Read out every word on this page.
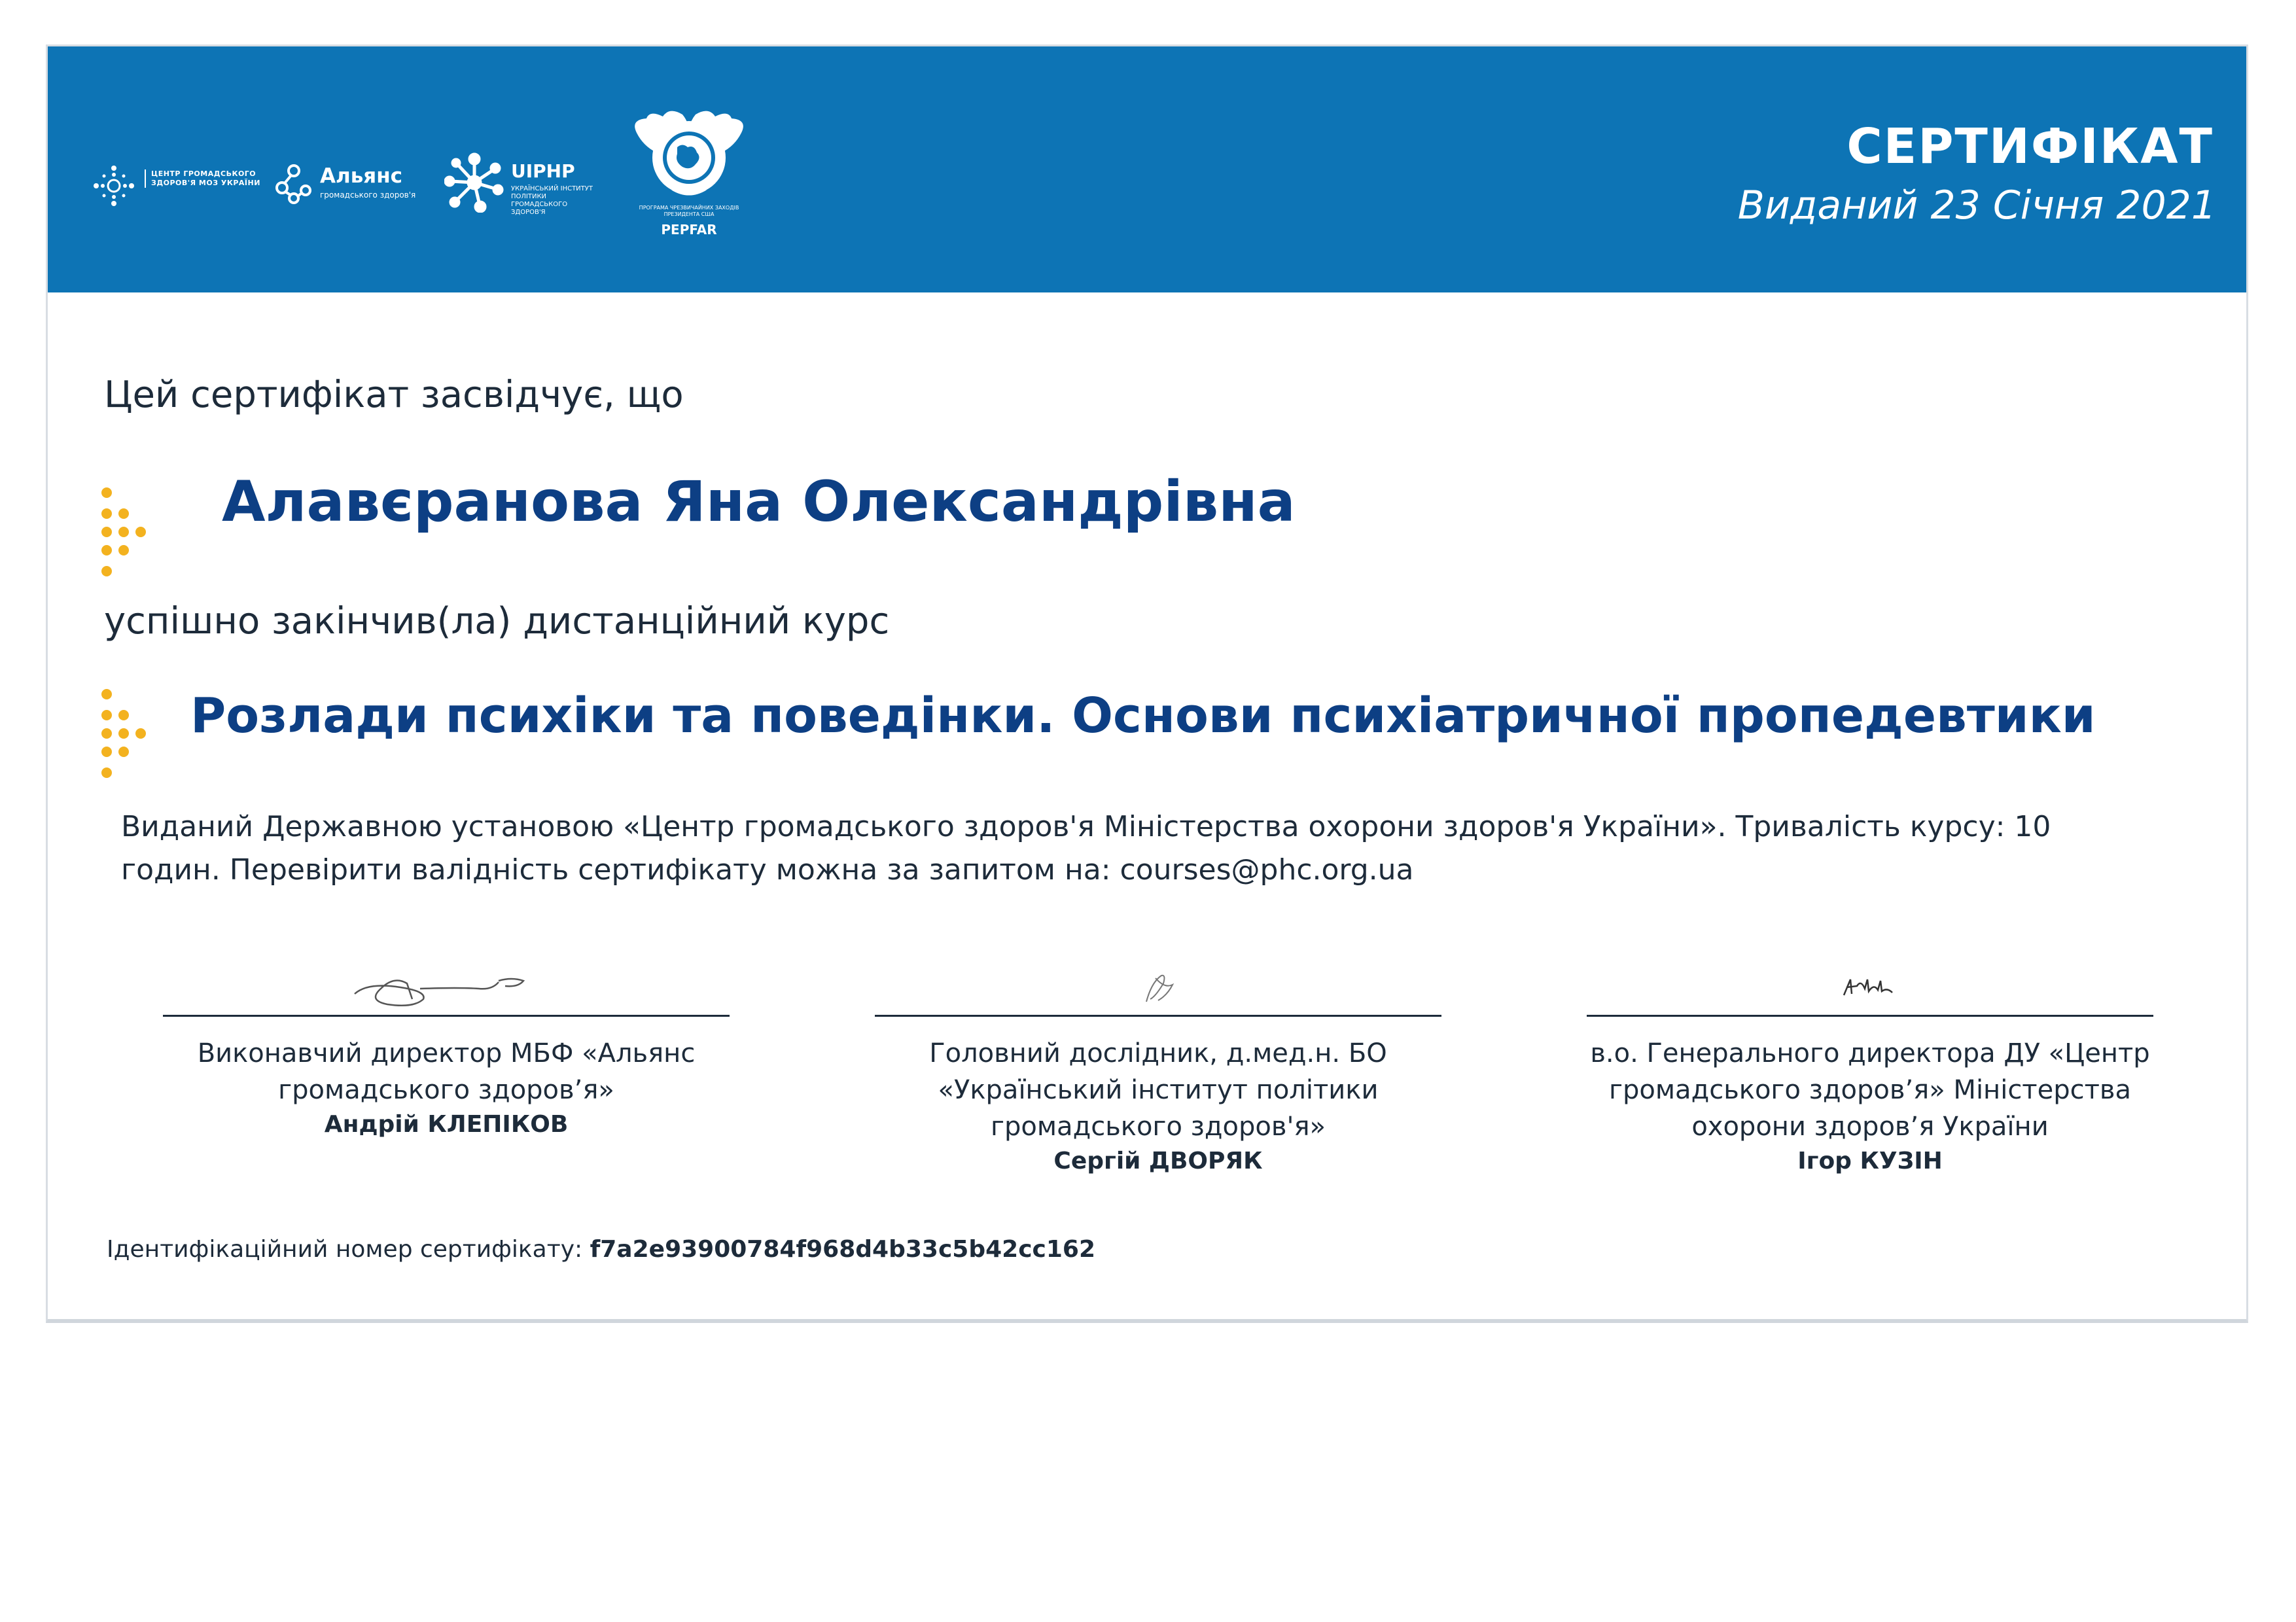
ЦЕНТР ГРОМАДСЬКОГО ЗДОРОВ'Я МОЗ УКРАЇНИ	Альянс
громадського здоров'я
UIPHP
УКРАЇНСЬКИЙ ІНСТИТУТ ПОЛІТИКИ ГРОМАДСЬКОГО ЗДОРОВ'Я
ПРОГРАМА ЧРЕЗВИЧАЙНИХ ЗАХОДІВ ПРЕЗИДЕНТА США
PEPFAR
СЕРТИФІКАТ
Виданий 23 Січня 2021
Цей сертифікат засвідчує, що
Алавєранова Яна Олександрівна
успішно закінчив(ла) дистанційний курс
Розлади психіки та поведінки. Основи психіатричної пропедевтики
Виданий Державною установою «Центр громадського здоров'я Міністерства охорони здоров'я України». Тривалість курсу: 10
годин. Перевірити валідність сертифікату можна за запитом на: courses@phc.org.ua
Виконавчий директор МБФ «Альянс
громадського здоров’я»
Андрій КЛЕПІКОВ
Головний дослідник, д.мед.н. БО
«Український інститут політики
громадського здоров'я»
Сергій ДВОРЯК
в.о. Генерального директора ДУ «Центр
громадського здоров’я» Міністерства
охорони здоров’я України
Ігор КУЗІН
Ідентифікаційний номер сертифікату: f7a2e93900784f968d4b33c5b42cc162
